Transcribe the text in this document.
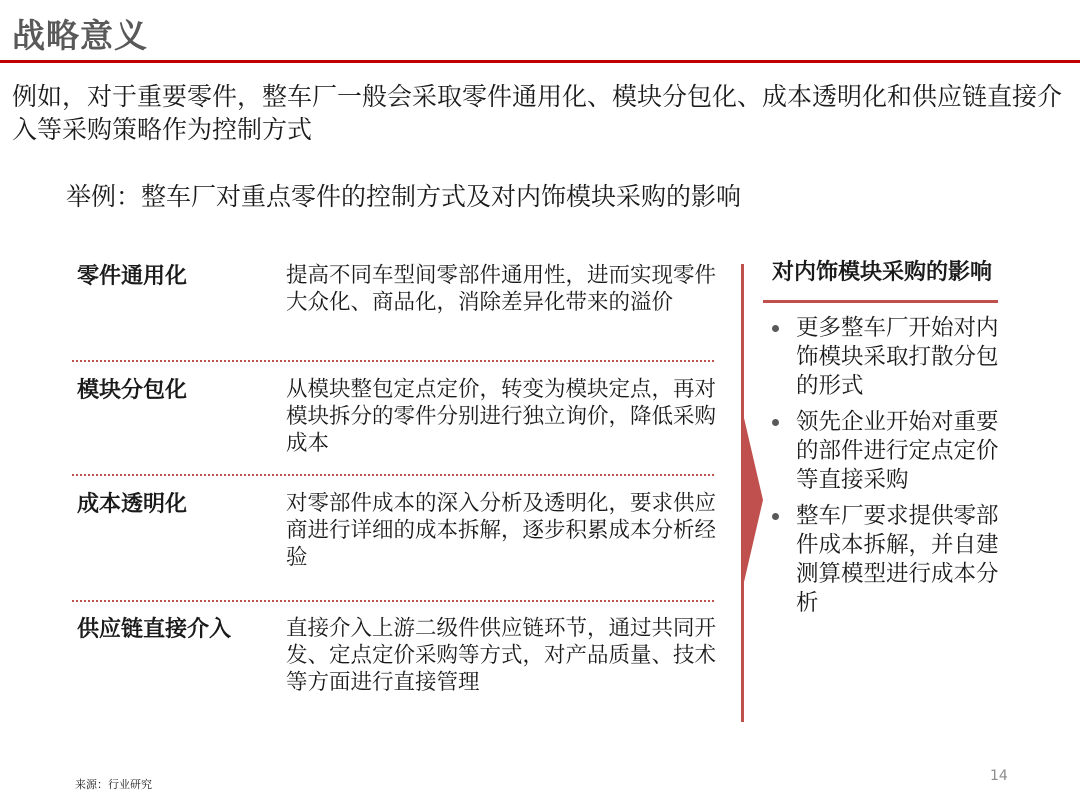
战略意义
例如，对于重要零件，整车厂一般会采取零件通用化、模块分包化、成本透明化和供应链直接介入等采购策略作为控制方式
举例：整车厂对重点零件的控制方式及对内饰模块采购的影响
零件通用化	提高不同车型间零部件通用性，进而实现零件大众化、商品化，消除差异化带来的溢价
模块分包化	从模块整包定点定价，转变为模块定点，再对模块拆分的零件分别进行独立询价，降低采购成本
成本透明化	对零部件成本的深入分析及透明化，要求供应商进行详细的成本拆解，逐步积累成本分析经验
供应链直接介入	直接介入上游二级件供应链环节，通过共同开发、定点定价采购等方式，对产品质量、技术等方面进行直接管理
对内饰模块采购的影响
更多整车厂开始对内饰模块采取打散分包的形式
领先企业开始对重要的部件进行定点定价等直接采购
整车厂要求提供零部件成本拆解，并自建测算模型进行成本分析
来源：行业研究
14
